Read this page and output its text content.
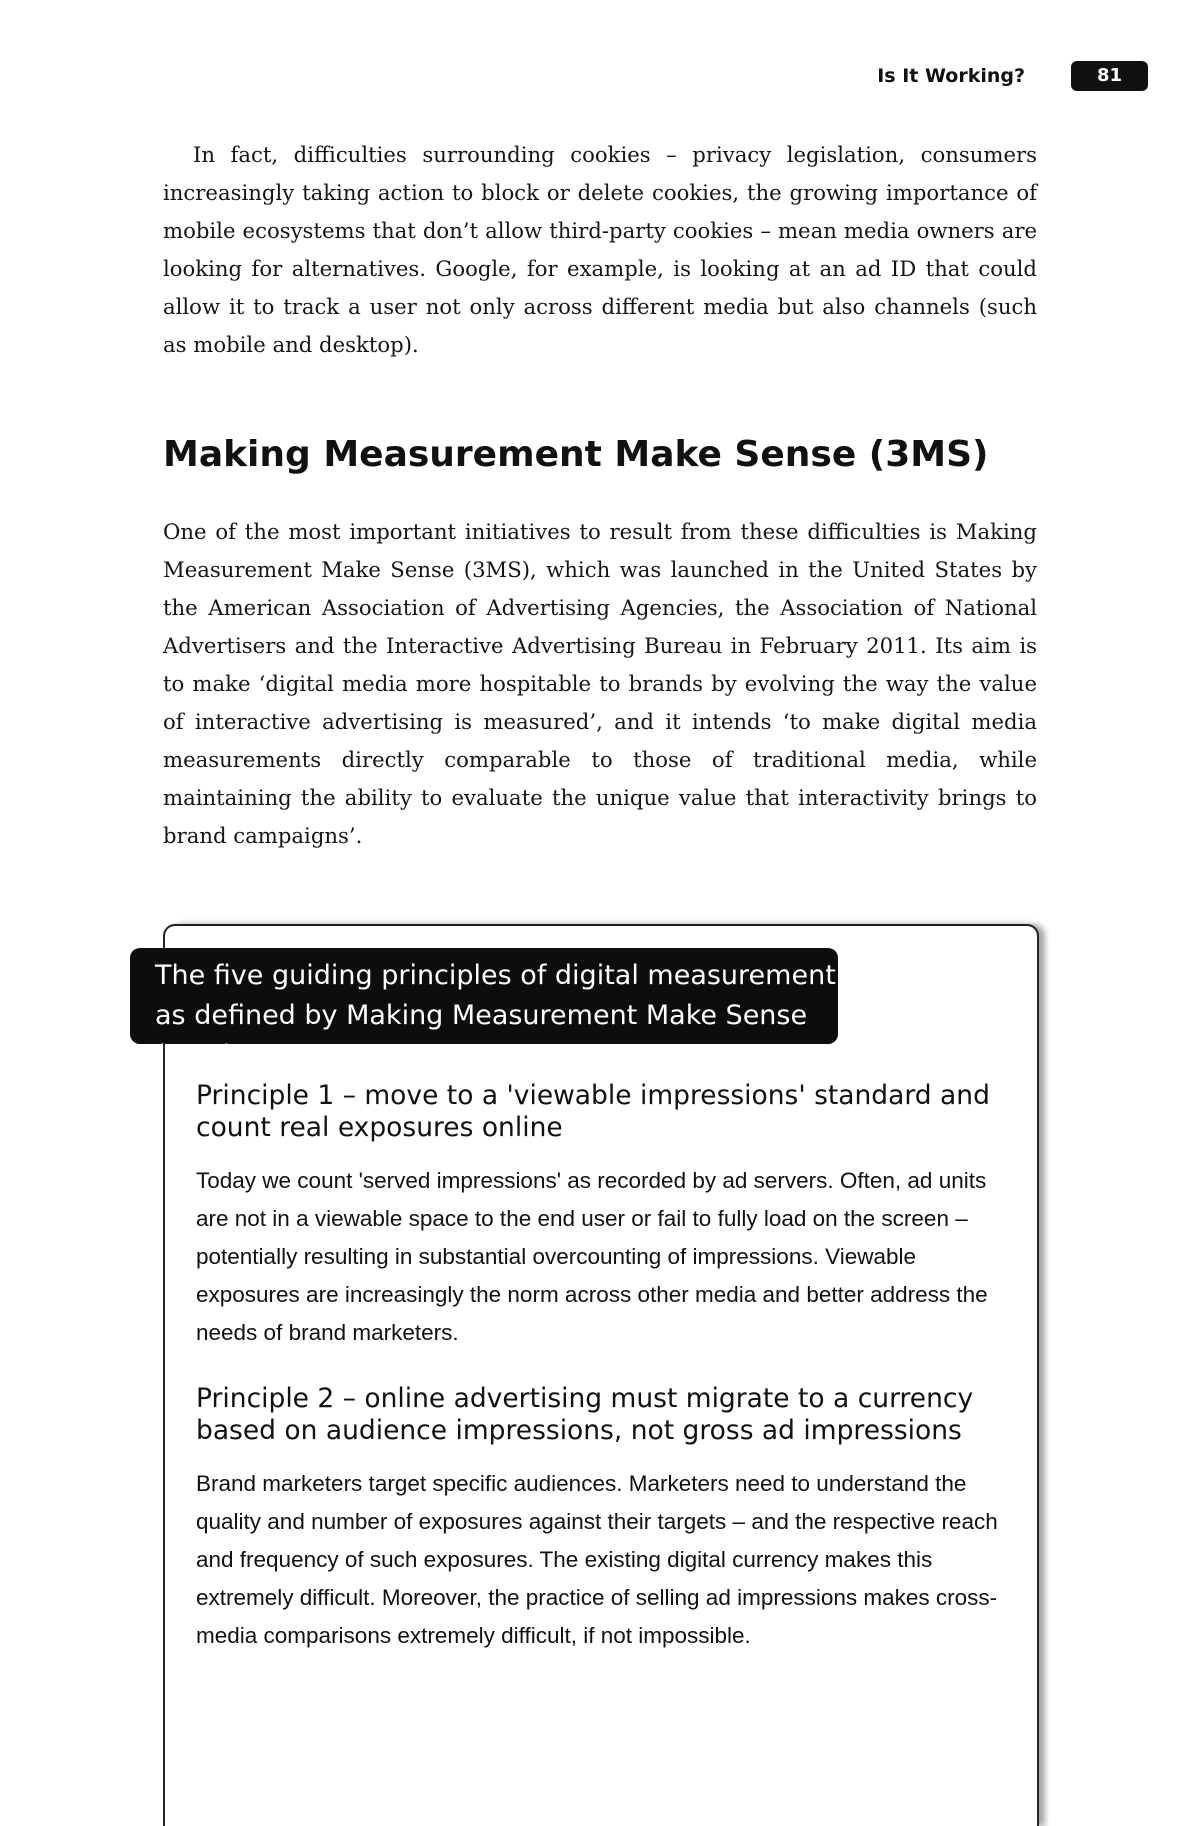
Is It Working?	81

In fact, difficulties surrounding cookies – privacy legislation, consumers increasingly taking action to block or delete cookies, the growing importance of mobile ecosystems that don’t allow third-party cookies – mean media owners are looking for alternatives. Google, for example, is looking at an ad ID that could allow it to track a user not only across different media but also channels (such as mobile and desktop).

Making Measurement Make Sense (3MS)

One of the most important initiatives to result from these difficulties is Making Measurement Make Sense (3MS), which was launched in the United States by the American Association of Advertising Agencies, the Association of National Advertisers and the Interactive Advertising Bureau in February 2011. Its aim is to make ‘digital media more hospitable to brands by evolving the way the value of interactive advertising is measured’, and it intends ‘to make digital media measurements directly comparable to those of traditional media, while maintaining the ability to evaluate the unique value that interactivity brings to brand campaigns’.

The five guiding principles of digital measurement as defined by Making Measurement Make Sense (3MS)
Principle 1 – move to a 'viewable impressions' standard and count real exposures online

Today we count 'served impressions' as recorded by ad servers. Often, ad units are not in a viewable space to the end user or fail to fully load on the screen – potentially resulting in substantial overcounting of impressions. Viewable exposures are increasingly the norm across other media and better address the needs of brand marketers.

Principle 2 – online advertising must migrate to a currency based on audience impressions, not gross ad impressions

Brand marketers target specific audiences. Marketers need to understand the quality and number of exposures against their targets – and the respective reach and frequency of such exposures. The existing digital currency makes this extremely difficult. Moreover, the practice of selling ad impressions makes cross-media comparisons extremely difficult, if not impossible.
